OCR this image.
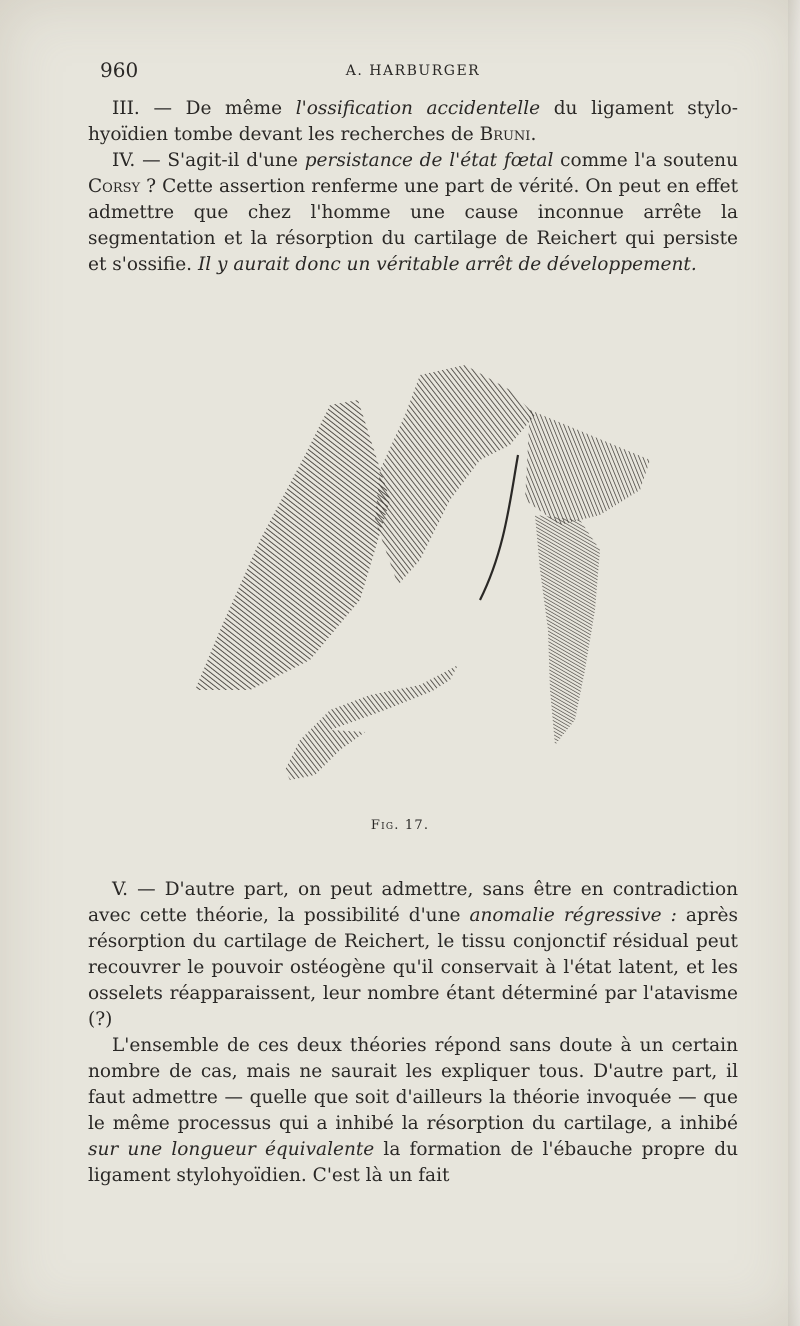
960	A. HARBURGER

III. — De même l'ossification accidentelle du ligament stylo-hyoïdien tombe devant les recherches de Bruni.

IV. — S'agit-il d'une persistance de l'état fœtal comme l'a soutenu Corsy ? Cette assertion renferme une part de vérité. On peut en effet admettre que chez l'homme une cause inconnue arrête la segmentation et la résorption du cartilage de Reichert qui persiste et s'ossifie. Il y aurait donc un véritable arrêt de développement.

Fig. 17.

V. — D'autre part, on peut admettre, sans être en contradiction avec cette théorie, la possibilité d'une anomalie régressive : après résorption du cartilage de Reichert, le tissu conjonctif résidual peut recouvrer le pouvoir ostéogène qu'il conservait à l'état latent, et les osselets réapparaissent, leur nombre étant déterminé par l'atavisme (?)

L'ensemble de ces deux théories répond sans doute à un certain nombre de cas, mais ne saurait les expliquer tous. D'autre part, il faut admettre — quelle que soit d'ailleurs la théorie invoquée — que le même processus qui a inhibé la résorption du cartilage, a inhibé sur une longueur équivalente la formation de l'ébauche propre du ligament stylohyoïdien. C'est là un fait
